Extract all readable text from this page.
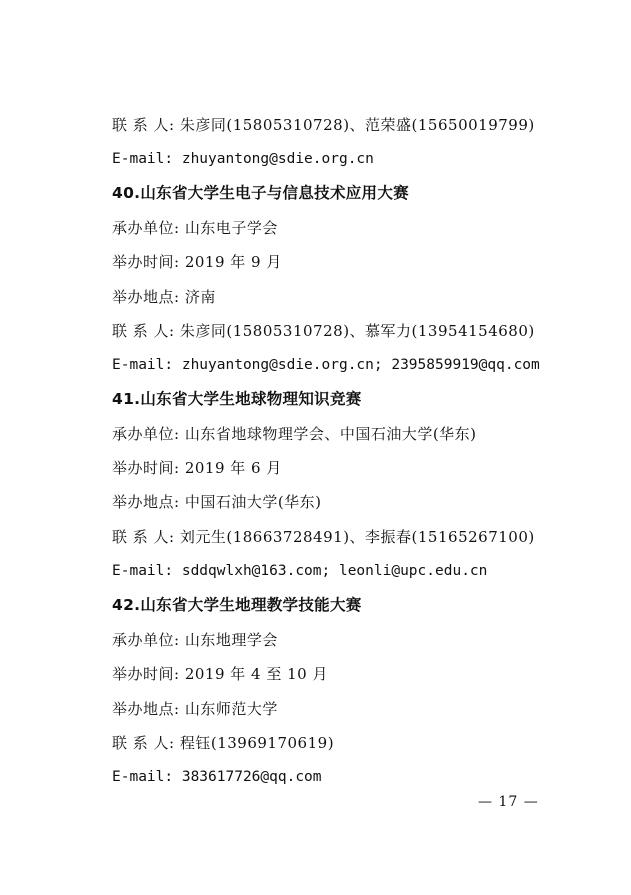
联 系 人: 朱彦同(15805310728)、范荣盛(15650019799)
E-mail: zhuyantong@sdie.org.cn
40.山东省大学生电子与信息技术应用大赛
承办单位: 山东电子学会
举办时间: 2019 年 9 月
举办地点: 济南
联 系 人: 朱彦同(15805310728)、慕军力(13954154680)
E-mail: zhuyantong@sdie.org.cn; 2395859919@qq.com
41.山东省大学生地球物理知识竞赛
承办单位: 山东省地球物理学会、中国石油大学(华东)
举办时间: 2019 年 6 月
举办地点: 中国石油大学(华东)
联 系 人: 刘元生(18663728491)、李振春(15165267100)
E-mail: sddqwlxh@163.com; leonli@upc.edu.cn
42.山东省大学生地理教学技能大赛
承办单位: 山东地理学会
举办时间: 2019 年 4 至 10 月
举办地点: 山东师范大学
联 系 人: 程钰(13969170619)
E-mail: 383617726@qq.com
— 17 —
